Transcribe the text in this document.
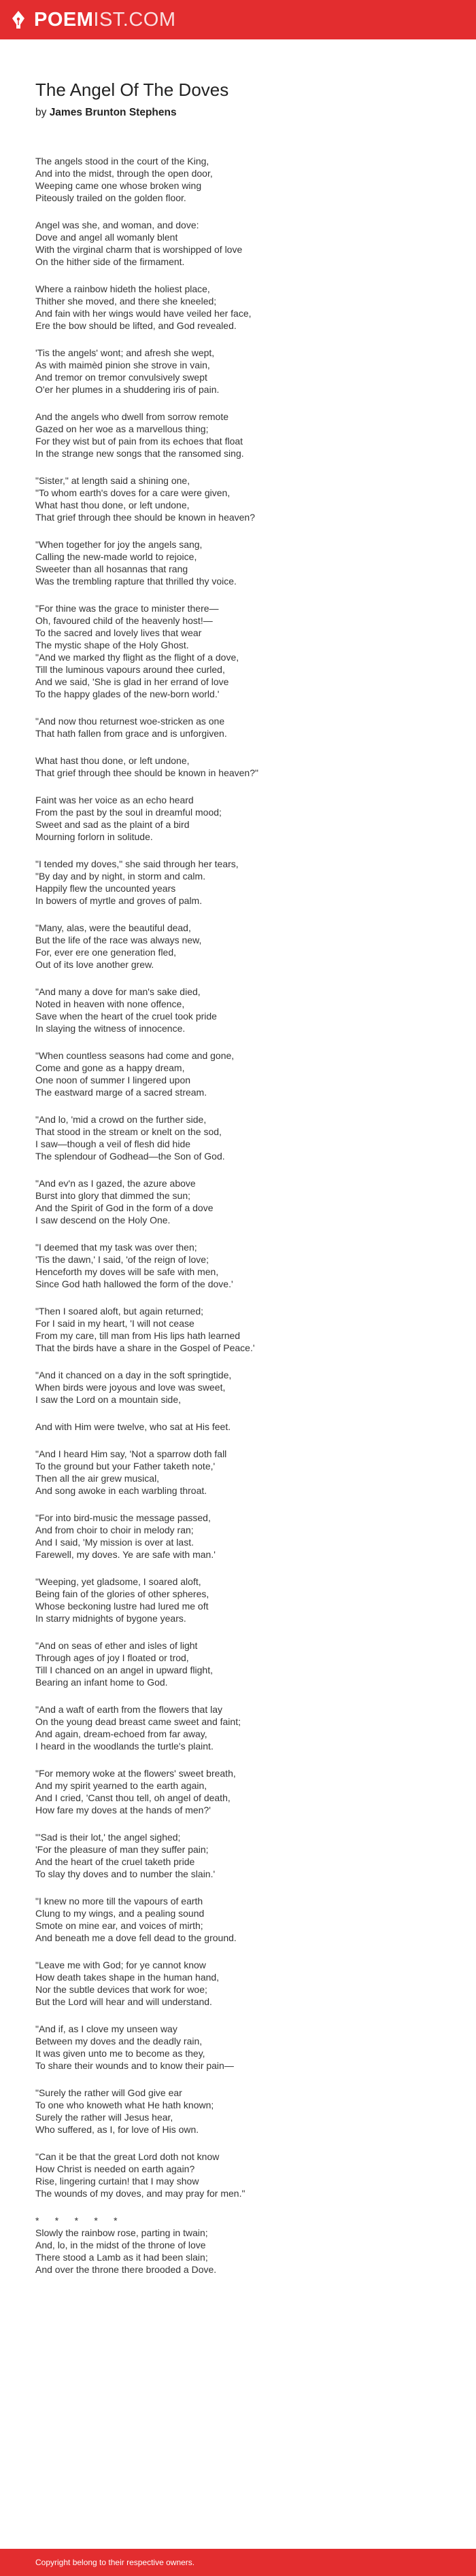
POEMIST.COM
The Angel Of The Doves
by James Brunton Stephens
The angels stood in the court of the King,
And into the midst, through the open door,
Weeping came one whose broken wing
Piteously trailed on the golden floor.
Angel was she, and woman, and dove:
Dove and angel all womanly blent
With the virginal charm that is worshipped of love
On the hither side of the firmament.
Where a rainbow hideth the holiest place,
Thither she moved, and there she kneeled;
And fain with her wings would have veiled her face,
Ere the bow should be lifted, and God revealed.
'Tis the angels' wont; and afresh she wept,
As with maimèd pinion she strove in vain,
And tremor on tremor convulsively swept
O'er her plumes in a shuddering iris of pain.
And the angels who dwell from sorrow remote
Gazed on her woe as a marvellous thing;
For they wist but of pain from its echoes that float
In the strange new songs that the ransomed sing.
"Sister," at length said a shining one,
"To whom earth's doves for a care were given,
What hast thou done, or left undone,
That grief through thee should be known in heaven?
"When together for joy the angels sang,
Calling the new-made world to rejoice,
Sweeter than all hosannas that rang
Was the trembling rapture that thrilled thy voice.
"For thine was the grace to minister there—
Oh, favoured child of the heavenly host!—
To the sacred and lovely lives that wear
The mystic shape of the Holy Ghost.
"And we marked thy flight as the flight of a dove,
Till the luminous vapours around thee curled,
And we said, 'She is glad in her errand of love
To the happy glades of the new-born world.'
"And now thou returnest woe-stricken as one
That hath fallen from grace and is unforgiven.
What hast thou done, or left undone,
That grief through thee should be known in heaven?"
Faint was her voice as an echo heard
From the past by the soul in dreamful mood;
Sweet and sad as the plaint of a bird
Mourning forlorn in solitude.
"I tended my doves," she said through her tears,
"By day and by night, in storm and calm.
Happily flew the uncounted years
In bowers of myrtle and groves of palm.
"Many, alas, were the beautiful dead,
But the life of the race was always new,
For, ever ere one generation fled,
Out of its love another grew.
"And many a dove for man's sake died,
Noted in heaven with none offence,
Save when the heart of the cruel took pride
In slaying the witness of innocence.
"When countless seasons had come and gone,
Come and gone as a happy dream,
One noon of summer I lingered upon
The eastward marge of a sacred stream.
"And lo, 'mid a crowd on the further side,
That stood in the stream or knelt on the sod,
I saw—though a veil of flesh did hide
The splendour of Godhead—the Son of God.
"And ev'n as I gazed, the azure above
Burst into glory that dimmed the sun;
And the Spirit of God in the form of a dove
I saw descend on the Holy One.
"I deemed that my task was over then;
'Tis the dawn,' I said, 'of the reign of love;
Henceforth my doves will be safe with men,
Since God hath hallowed the form of the dove.'
"Then I soared aloft, but again returned;
For I said in my heart, 'I will not cease
From my care, till man from His lips hath learned
That the birds have a share in the Gospel of Peace.'
"And it chanced on a day in the soft springtide,
When birds were joyous and love was sweet,
I saw the Lord on a mountain side,
And with Him were twelve, who sat at His feet.
"And I heard Him say, 'Not a sparrow doth fall
To the ground but your Father taketh note,'
Then all the air grew musical,
And song awoke in each warbling throat.
"For into bird-music the message passed,
And from choir to choir in melody ran;
And I said, 'My mission is over at last.
Farewell, my doves. Ye are safe with man.'
"Weeping, yet gladsome, I soared aloft,
Being fain of the glories of other spheres,
Whose beckoning lustre had lured me oft
In starry midnights of bygone years.
"And on seas of ether and isles of light
Through ages of joy I floated or trod,
Till I chanced on an angel in upward flight,
Bearing an infant home to God.
"And a waft of earth from the flowers that lay
On the young dead breast came sweet and faint;
And again, dream-echoed from far away,
I heard in the woodlands the turtle's plaint.
"For memory woke at the flowers' sweet breath,
And my spirit yearned to the earth again,
And I cried, 'Canst thou tell, oh angel of death,
How fare my doves at the hands of men?'
"'Sad is their lot,' the angel sighed;
'For the pleasure of man they suffer pain;
And the heart of the cruel taketh pride
To slay thy doves and to number the slain.'
"I knew no more till the vapours of earth
Clung to my wings, and a pealing sound
Smote on mine ear, and voices of mirth;
And beneath me a dove fell dead to the ground.
"Leave me with God; for ye cannot know
How death takes shape in the human hand,
Nor the subtle devices that work for woe;
But the Lord will hear and will understand.
"And if, as I clove my unseen way
Between my doves and the deadly rain,
It was given unto me to become as they,
To share their wounds and to know their pain—
"Surely the rather will God give ear
To one who knoweth what He hath known;
Surely the rather will Jesus hear,
Who suffered, as I, for love of His own.
"Can it be that the great Lord doth not know
How Christ is needed on earth again?
Rise, lingering curtain! that I may show
The wounds of my doves, and may pray for men."
*      *      *      *      *
Slowly the rainbow rose, parting in twain;
And, lo, in the midst of the throne of love
There stood a Lamb as it had been slain;
And over the throne there brooded a Dove.
Copyright belong to their respective owners.
